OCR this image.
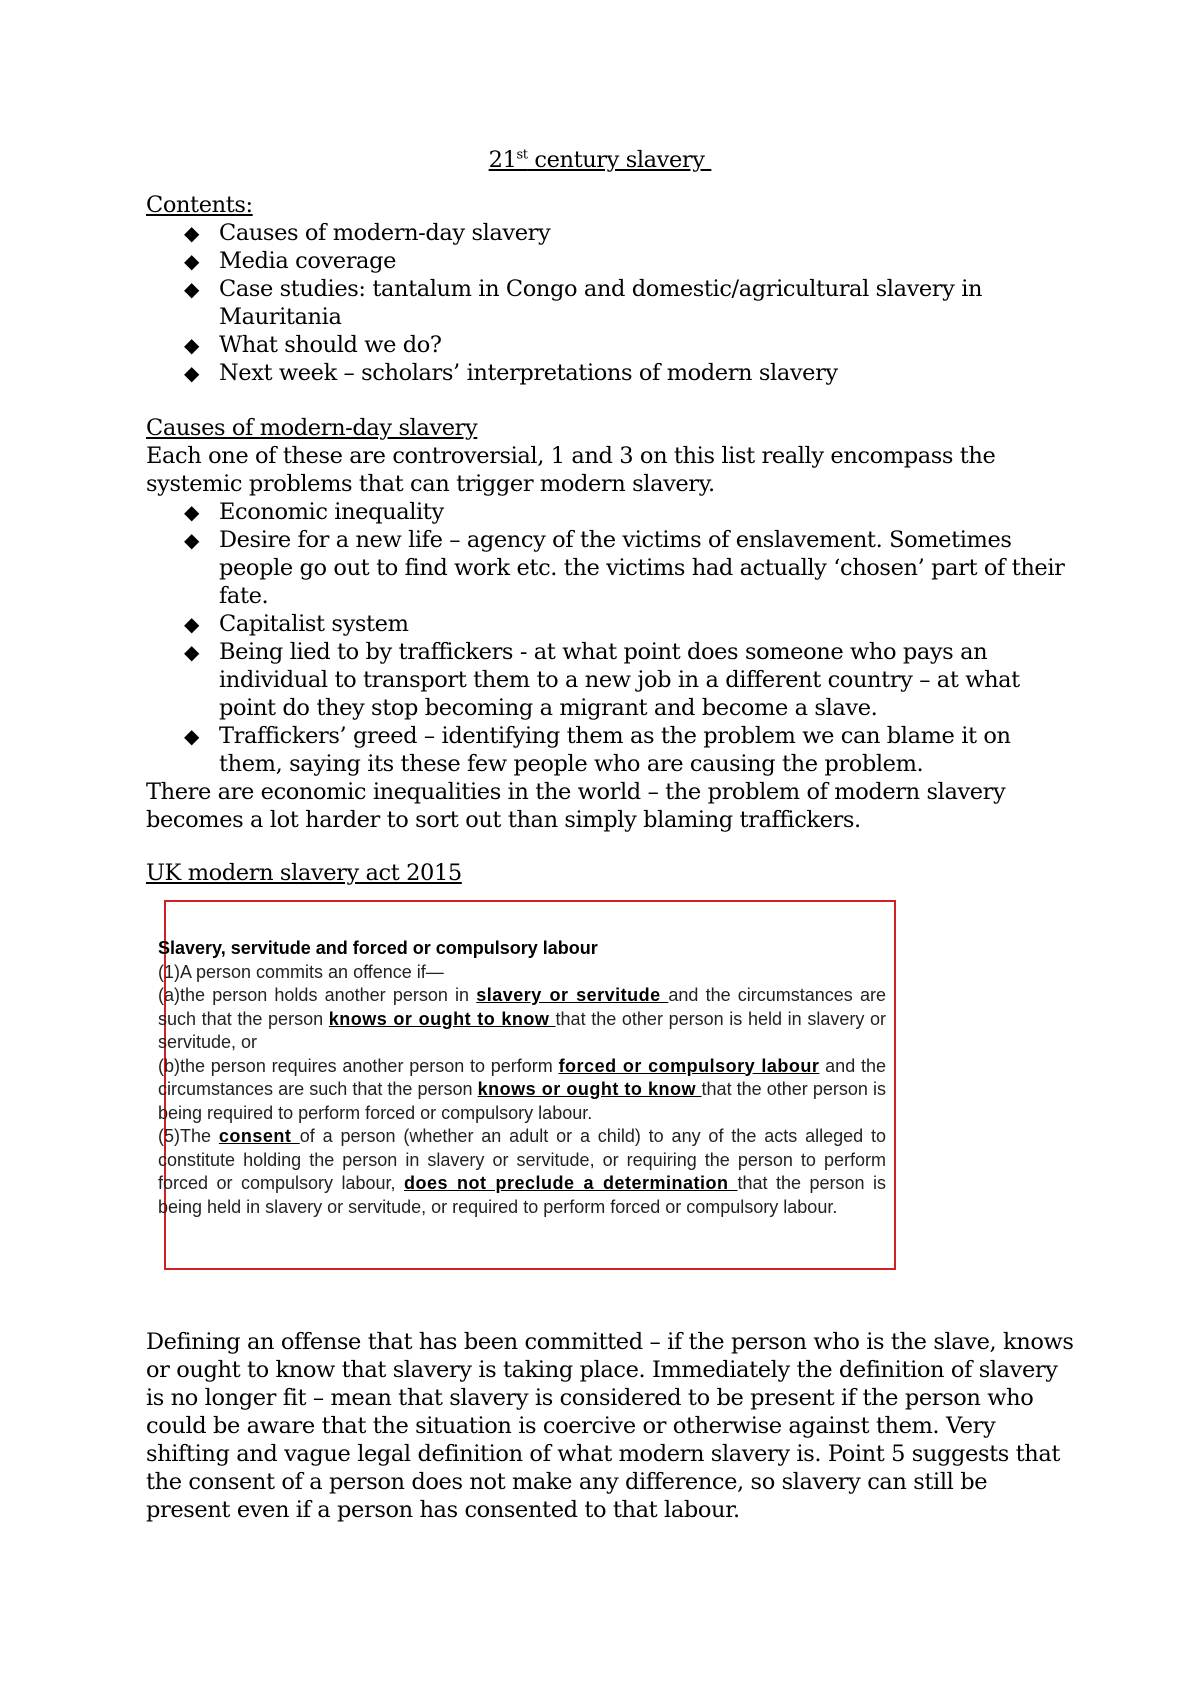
21st century slavery
Contents:
◆ Causes of modern-day slavery
◆ Media coverage
◆ Case studies: tantalum in Congo and domestic/agricultural slavery in Mauritania
◆ What should we do?
◆ Next week – scholars’ interpretations of modern slavery
Causes of modern-day slavery

Each one of these are controversial, 1 and 3 on this list really encompass the systemic problems that can trigger modern slavery.

◆ Economic inequality
◆ Desire for a new life – agency of the victims of enslavement. Sometimes people go out to find work etc. the victims had actually ‘chosen’ part of their fate.
◆ Capitalist system
◆ Being lied to by traffickers - at what point does someone who pays an individual to transport them to a new job in a different country – at what point do they stop becoming a migrant and become a slave.
◆ Traffickers’ greed – identifying them as the problem we can blame it on them, saying its these few people who are causing the problem.

There are economic inequalities in the world – the problem of modern slavery becomes a lot harder to sort out than simply blaming traffickers.

UK modern slavery act 2015

Slavery, servitude and forced or compulsory labour

(1)A person commits an offence if—

(a)the person holds another person in slavery or servitude and the circumstances are such that the person knows or ought to know that the other person is held in slavery or servitude, or

(b)the person requires another person to perform forced or compulsory labour and the circumstances are such that the person knows or ought to know that the other person is being required to perform forced or compulsory labour.

(5)The consent of a person (whether an adult or a child) to any of the acts alleged to constitute holding the person in slavery or servitude, or requiring the person to perform forced or compulsory labour, does not preclude a determination that the person is being held in slavery or servitude, or required to perform forced or compulsory labour.

Defining an offense that has been committed – if the person who is the slave, knows or ought to know that slavery is taking place. Immediately the definition of slavery is no longer fit – mean that slavery is considered to be present if the person who could be aware that the situation is coercive or otherwise against them. Very shifting and vague legal definition of what modern slavery is. Point 5 suggests that the consent of a person does not make any difference, so slavery can still be present even if a person has consented to that labour.
